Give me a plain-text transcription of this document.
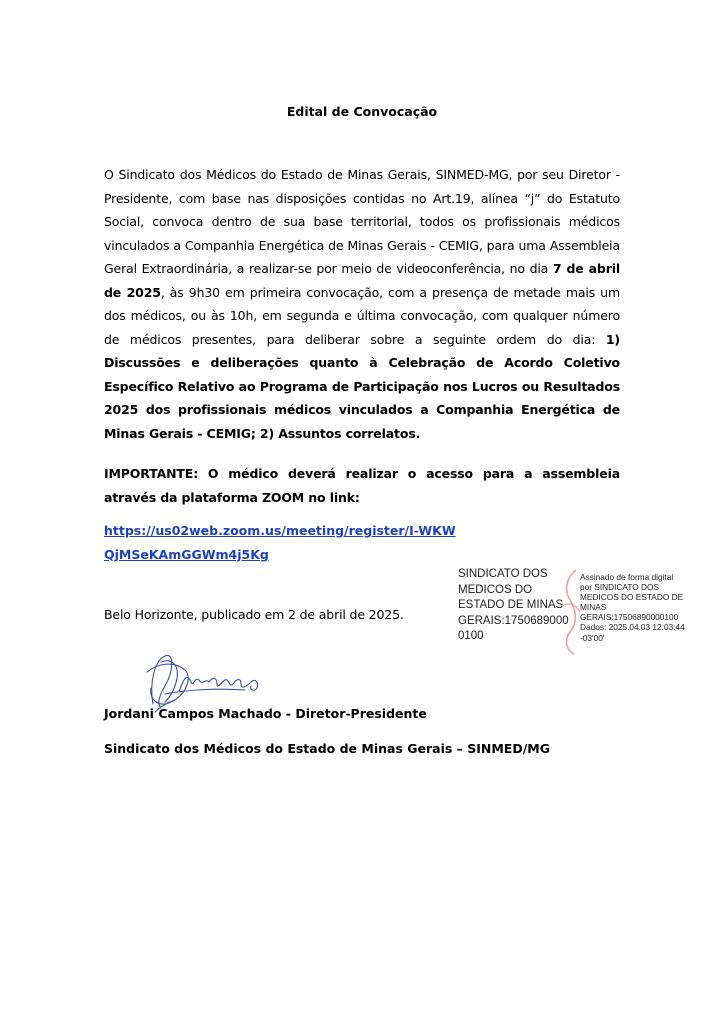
Edital de Convocação
O Sindicato dos Médicos do Estado de Minas Gerais, SINMED-MG, por seu Diretor - Presidente, com base nas disposições contidas no Art.19, alínea “j” do Estatuto Social, convoca dentro de sua base territorial, todos os profissionais médicos vinculados a Companhia Energética de Minas Gerais - CEMIG, para uma Assembleia Geral Extraordinária, a realizar-se por meio de videoconferência, no dia 7 de abril de 2025, às 9h30 em primeira convocação, com a presença de metade mais um dos médicos, ou às 10h, em segunda e última convocação, com qualquer número de médicos presentes, para deliberar sobre a seguinte ordem do dia: 1) Discussões e deliberações quanto à Celebração de Acordo Coletivo Específico Relativo ao Programa de Participação nos Lucros ou Resultados 2025 dos profissionais médicos vinculados a Companhia Energética de Minas Gerais - CEMIG; 2) Assuntos correlatos.
IMPORTANTE: O médico deverá realizar o acesso para a assembleia através da plataforma ZOOM no link:
https://us02web.zoom.us/meeting/register/I-WKWQjMSeKAmGGWm4j5Kg
Belo Horizonte, publicado em 2 de abril de 2025.
SINDICATO DOS
MEDICOS DO
ESTADO DE MINAS
GERAIS:1750689000
0100
Assinado de forma digital
por SINDICATO DOS
MEDICOS DO ESTADO DE
MINAS
GERAIS:17506890000100
Dados: 2025.04.03 12:03:44
-03'00'
Jordani Campos Machado - Diretor-Presidente
Sindicato dos Médicos do Estado de Minas Gerais – SINMED/MG
